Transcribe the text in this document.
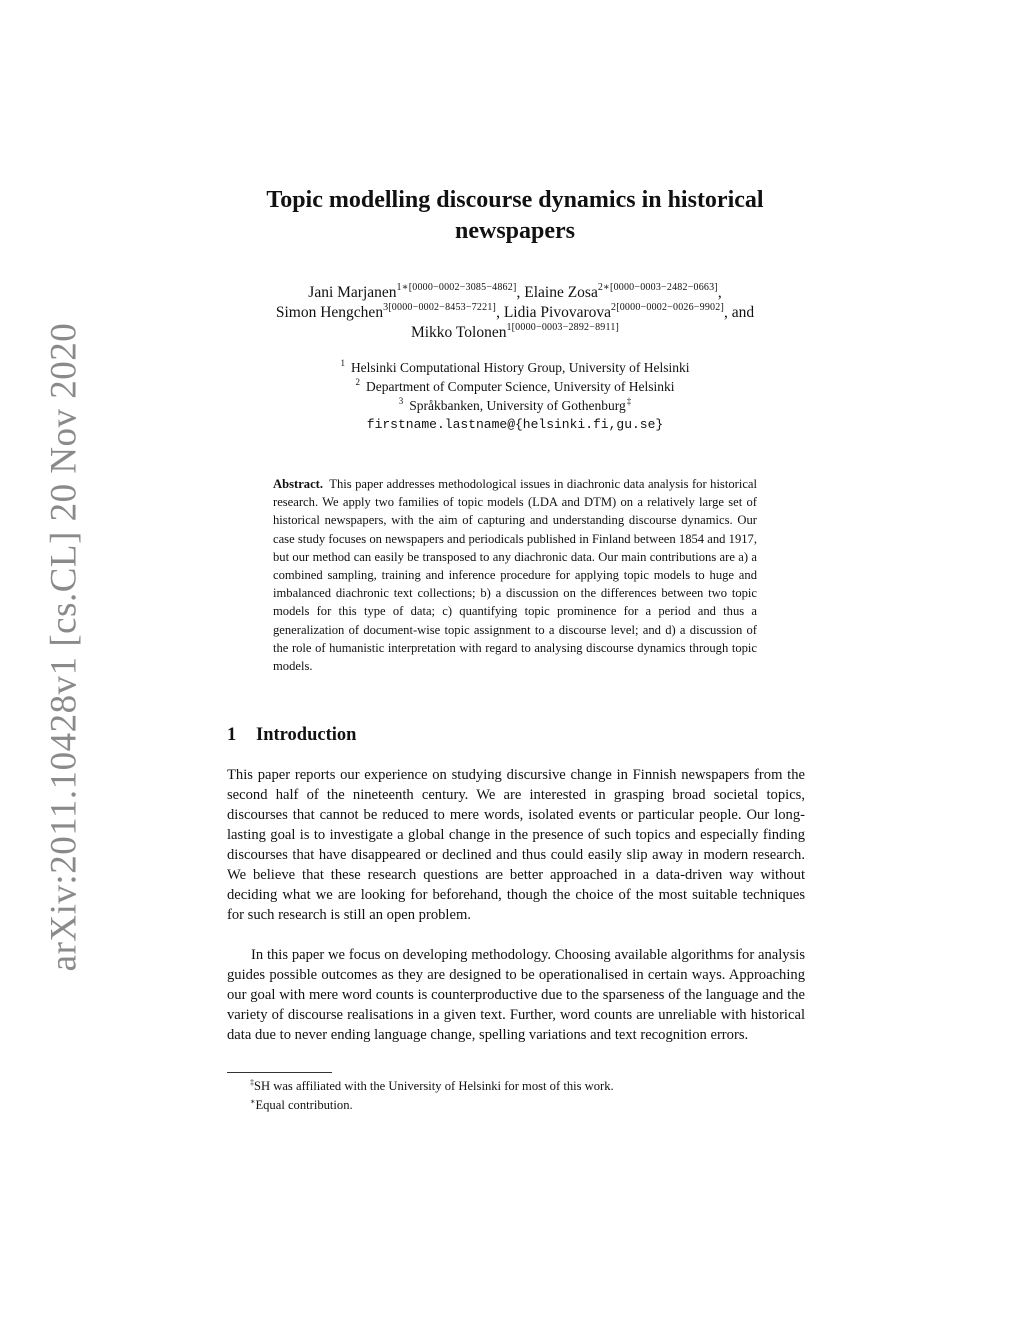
arXiv:2011.10428v1 [cs.CL] 20 Nov 2020
Topic modelling discourse dynamics in historical newspapers
Jani Marjanen$^{1∗[0000-0002-3085-4862]}$, Elaine Zosa$^{2∗[0000-0003-2482-0663]}$,
Simon Hengchen$^{3[0000-0002-8453-7221]}$, Lidia Pivovarova$^{2[0000-0002-0026-9902]}$, and
Mikko Tolonen$^{1[0000-0003-2892-8911]}$
$^1$ Helsinki Computational History Group, University of Helsinki
$^2$ Department of Computer Science, University of Helsinki
$^3$ Språkbanken, University of Gothenburg‡
firstname.lastname@{helsinki.fi,gu.se}
Abstract. This paper addresses methodological issues in diachronic data analysis for historical research. We apply two families of topic models (LDA and DTM) on a relatively large set of historical newspapers, with the aim of capturing and understanding discourse dynamics. Our case study focuses on newspapers and periodicals published in Finland between 1854 and 1917, but our method can easily be transposed to any diachronic data. Our main contributions are a) a combined sampling, training and inference procedure for applying topic models to huge and imbalanced diachronic text collections; b) a discussion on the differences between two topic models for this type of data; c) quantifying topic prominence for a period and thus a generalization of document-wise topic assignment to a discourse level; and d) a discussion of the role of humanistic interpretation with regard to analysing discourse dynamics through topic models.
1 Introduction

This paper reports our experience on studying discursive change in Finnish newspapers from the second half of the nineteenth century. We are interested in grasping broad societal topics, discourses that cannot be reduced to mere words, isolated events or particular people. Our long-lasting goal is to investigate a global change in the presence of such topics and especially finding discourses that have disappeared or declined and thus could easily slip away in modern research. We believe that these research questions are better approached in a data-driven way without deciding what we are looking for beforehand, though the choice of the most suitable techniques for such research is still an open problem.

In this paper we focus on developing methodology. Choosing available algorithms for analysis guides possible outcomes as they are designed to be operationalised in certain ways. Approaching our goal with mere word counts is counterproductive due to the sparseness of the language and the variety of discourse realisations in a given text. Further, word counts are unreliable with historical data due to never ending language change, spelling variations and text recognition errors.

‡SH was affiliated with the University of Helsinki for most of this work.
∗Equal contribution.
